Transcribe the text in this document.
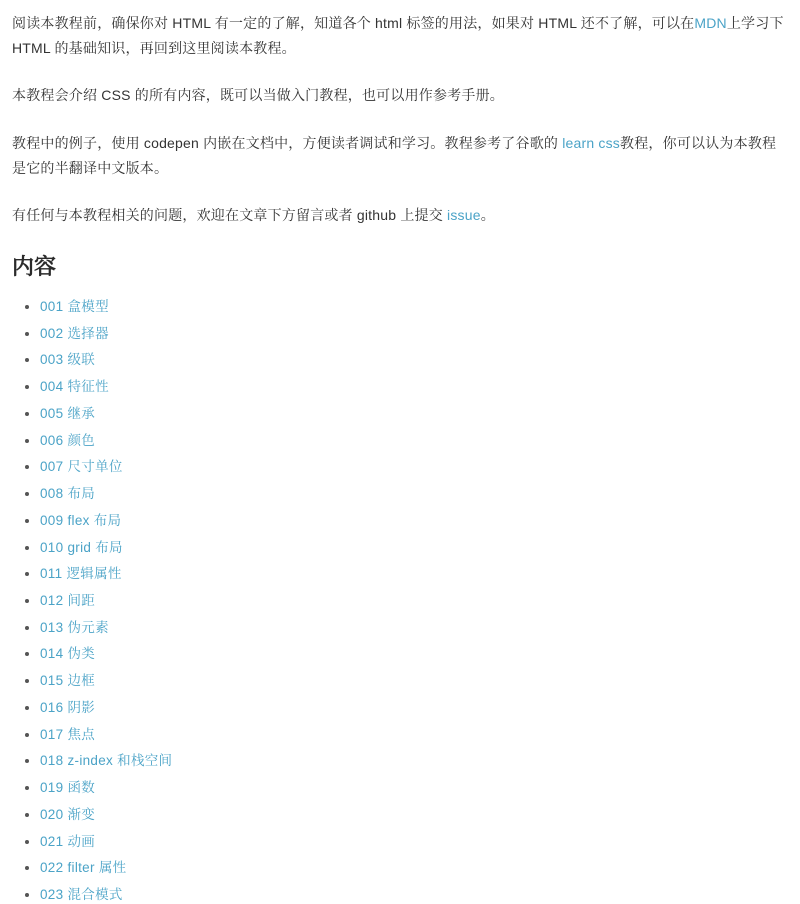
阅读本教程前，确保你对 HTML 有一定的了解，知道各个 html 标签的用法，如果对 HTML 还不了解，可以在MDN上学习下 HTML 的基础知识，再回到这里阅读本教程。

本教程会介绍 CSS 的所有内容，既可以当做入门教程，也可以用作参考手册。

教程中的例子，使用 codepen 内嵌在文档中，方便读者调试和学习。教程参考了谷歌的 learn css教程，你可以认为本教程是它的半翻译中文版本。

有任何与本教程相关的问题，欢迎在文章下方留言或者 github 上提交 issue。

内容
• 001 盒模型
• 002 选择器
• 003 级联
• 004 特征性
• 005 继承
• 006 颜色
• 007 尺寸单位
• 008 布局
• 009 flex 布局
• 010 grid 布局
• 011 逻辑属性
• 012 间距
• 013 伪元素
• 014 伪类
• 015 边框
• 016 阴影
• 017 焦点
• 018 z-index 和栈空间
• 019 函数
• 020 渐变
• 021 动画
• 022 filter 属性
• 023 混合模式
